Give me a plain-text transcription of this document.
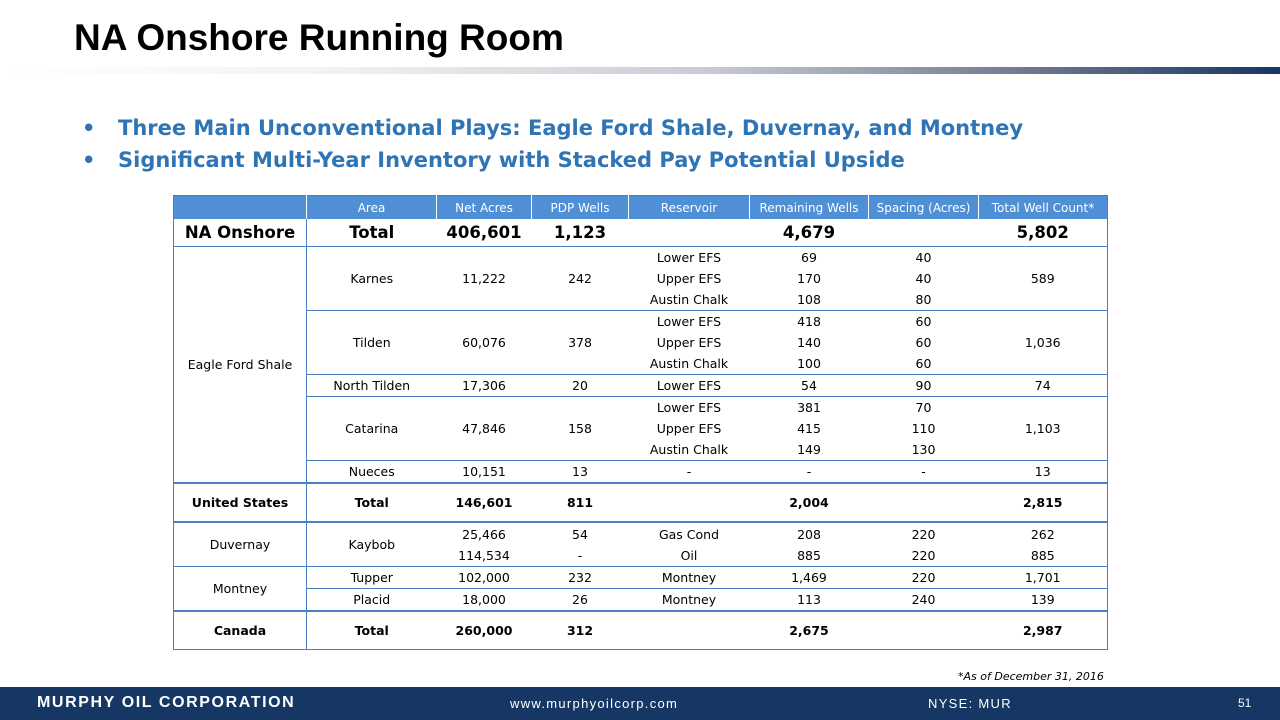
NA Onshore Running Room
• Three Main Unconventional Plays: Eagle Ford Shale, Duvernay, and Montney
• Significant Multi-Year Inventory with Stacked Pay Potential Upside
	Area	Net Acres	PDP Wells	Reservoir	Remaining Wells	Spacing (Acres)	Total Well Count*
NA Onshore	Total	406,601	1,123		4,679		5,802
Eagle Ford Shale	Karnes	11,222	242	Lower EFS	69	40	589
				Upper EFS	170	40	
				Austin Chalk	108	80	
	Tilden	60,076	378	Lower EFS	418	60	1,036
				Upper EFS	140	60	
				Austin Chalk	100	60	
	North Tilden	17,306	20	Lower EFS	54	90	74
	Catarina	47,846	158	Lower EFS	381	70	1,103
				Upper EFS	415	110	
				Austin Chalk	149	130	
	Nueces	10,151	13	-	-	-	13
United States	Total	146,601	811		2,004		2,815
Duvernay	Kaybob	25,466	54	Gas Cond	208	220	262
		114,534	-	Oil	885	220	885
Montney	Tupper	102,000	232	Montney	1,469	220	1,701
	Placid	18,000	26	Montney	113	240	139
Canada	Total	260,000	312		2,675		2,987
*As of December 31, 2016
MURPHY OIL CORPORATION	www.murphyoilcorp.com	NYSE: MUR	51
